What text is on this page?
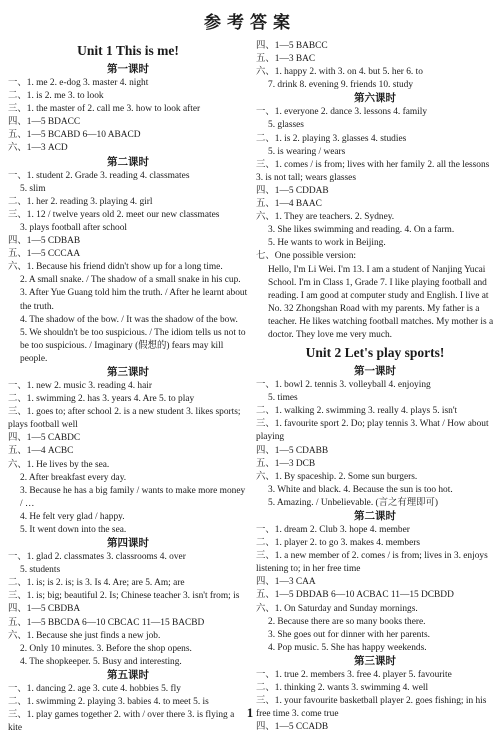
参考答案
Unit 1 This is me!
第一课时
一、1. me 2. e-dog 3. master 4. night
二、1. is 2. me 3. to look
三、1. the master of 2. call me 3. how to look after
四、1—5 BDACC
五、1—5 BCABD 6—10 ABACD
六、1—3 ACD
第二课时
一、1. student 2. Grade 3. reading 4. classmates
5. slim
二、1. her 2. reading 3. playing 4. girl
三、1. 12 / twelve years old 2. meet our new classmates
3. plays football after school
四、1—5 CDBAB
五、1—5 CCCAA
六、1. Because his friend didn't show up for a long time.
2. A small snake. / The shadow of a small snake in his cup.
3. After Yue Guang told him the truth. / After he learnt about the truth.
4. The shadow of the bow. / It was the shadow of the bow.
5. We shouldn't be too suspicious. / The idiom tells us not to be too suspicious. / Imaginary (假想的) fears may kill people.
第三课时
一、1. new 2. music 3. reading 4. hair
二、1. swimming 2. has 3. years 4. Are 5. to play
三、1. goes to; after school 2. is a new student 3. likes sports; plays football well
四、1—5 CABDC
五、1—4 ACBC
六、1. He lives by the sea.
2. After breakfast every day.
3. Because he has a big family / wants to make more money / …
4. He felt very glad / happy.
5. It went down into the sea.
第四课时
一、1. glad 2. classmates 3. classrooms 4. over
5. students
二、1. is; is 2. is; is 3. Is 4. Are; are 5. Am; are
三、1. is; big; beautiful 2. Is; Chinese teacher 3. isn't from; is
四、1—5 CBDBA
五、1—5 BBCDA 6—10 CBCAC 11—15 BACBD
六、1. Because she just finds a new job.
2. Only 10 minutes. 3. Before the shop opens.
4. The shopkeeper. 5. Busy and interesting.
第五课时
一、1. dancing 2. age 3. cute 4. hobbies 5. fly
二、1. swimming 2. playing 3. babies 4. to meet 5. is
三、1. play games together 2. with / over there 3. is flying a kite
四、1—5 BABCC
五、1—3 BAC
六、1. happy 2. with 3. on 4. but 5. her 6. to
7. drink 8. evening 9. friends 10. study
第六课时
一、1. everyone 2. dance 3. lessons 4. family
5. glasses
二、1. is 2. playing 3. glasses 4. studies
5. is wearing / wears
三、1. comes / is from; lives with her family 2. all the lessons 3. is not tall; wears glasses
四、1—5 CDDAB
五、1—4 BAAC
六、1. They are teachers. 2. Sydney.
3. She likes swimming and reading. 4. On a farm.
5. He wants to work in Beijing.
七、One possible version:
Hello, I'm Li Wei. I'm 13. I am a student of Nanjing Yucai School. I'm in Class 1, Grade 7. I like playing football and reading. I am good at computer study and English. I live at No. 32 Zhongshan Road with my parents. My father is a teacher. He likes watching football matches. My mother is a doctor. They love me very much.
Unit 2 Let's play sports!
第一课时
一、1. bowl 2. tennis 3. volleyball 4. enjoying
5. times
二、1. walking 2. swimming 3. really 4. plays 5. isn't
三、1. favourite sport 2. Do; play tennis 3. What / How about playing
四、1—5 CDABB
五、1—3 DCB
六、1. By spaceship. 2. Some sun burgers.
3. White and black. 4. Because the sun is too hot.
5. Amazing. / Unbelievable. (言之有理即可)
第二课时
一、1. dream 2. Club 3. hope 4. member
二、1. player 2. to go 3. makes 4. members
三、1. a new member of 2. comes / is from; lives in 3. enjoys listening to; in her free time
四、1—3 CAA
五、1—5 DBDAB 6—10 ACBAC 11—15 DCBDD
六、1. On Saturday and Sunday mornings.
2. Because there are so many books there.
3. She goes out for dinner with her parents.
4. Pop music. 5. She has happy weekends.
第三课时
一、1. true 2. members 3. free 4. player 5. favourite
二、1. thinking 2. wants 3. swimming 4. well
三、1. your favourite basketball player 2. goes fishing; in his free time 3. come true
四、1—5 CCADB
1
